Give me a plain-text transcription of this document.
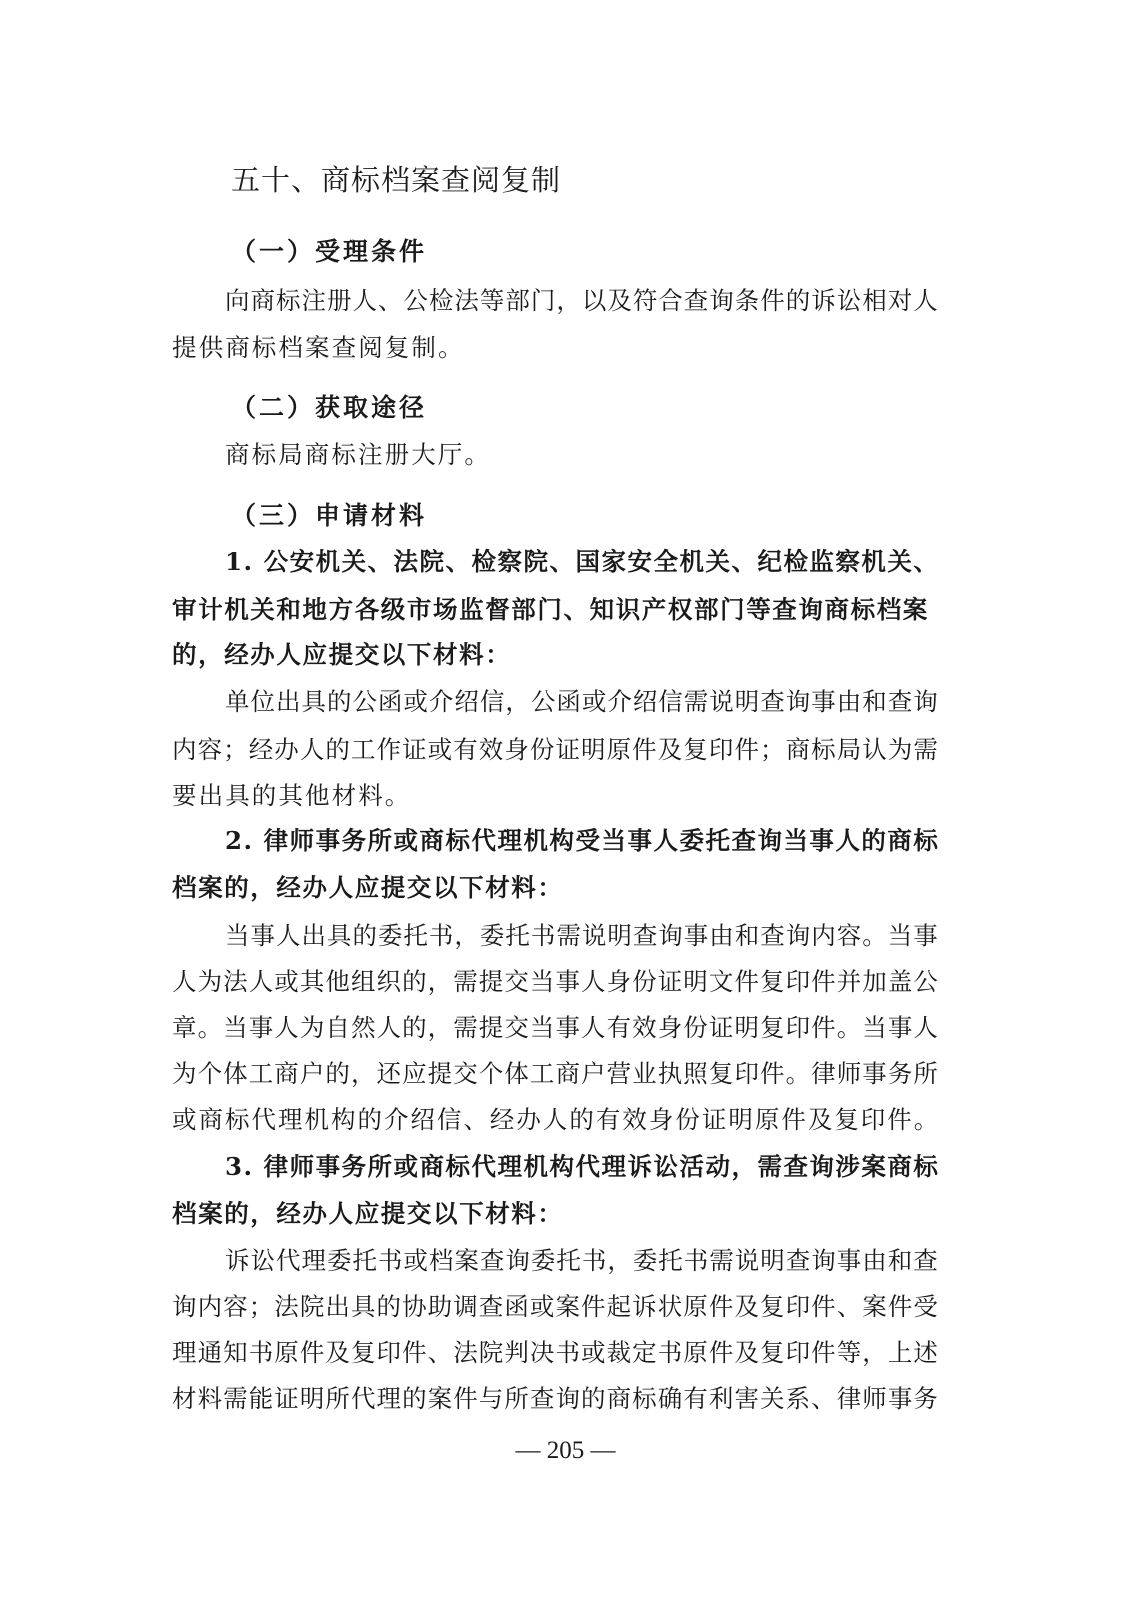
五十、商标档案查阅复制
（一）受理条件
向商标注册人、公检法等部门，以及符合查询条件的诉讼相对人
提供商标档案查阅复制。
（二）获取途径
商标局商标注册大厅。
（三）申请材料
1. 公安机关、法院、检察院、国家安全机关、纪检监察机关、
审计机关和地方各级市场监督部门、知识产权部门等查询商标档案
的，经办人应提交以下材料：
单位出具的公函或介绍信，公函或介绍信需说明查询事由和查询
内容；经办人的工作证或有效身份证明原件及复印件；商标局认为需
要出具的其他材料。
2. 律师事务所或商标代理机构受当事人委托查询当事人的商标
档案的，经办人应提交以下材料：
当事人出具的委托书，委托书需说明查询事由和查询内容。当事
人为法人或其他组织的，需提交当事人身份证明文件复印件并加盖公
章。当事人为自然人的，需提交当事人有效身份证明复印件。当事人
为个体工商户的，还应提交个体工商户营业执照复印件。律师事务所
或商标代理机构的介绍信、经办人的有效身份证明原件及复印件。
3. 律师事务所或商标代理机构代理诉讼活动，需查询涉案商标
档案的，经办人应提交以下材料：
诉讼代理委托书或档案查询委托书，委托书需说明查询事由和查
询内容；法院出具的协助调查函或案件起诉状原件及复印件、案件受
理通知书原件及复印件、法院判决书或裁定书原件及复印件等，上述
材料需能证明所代理的案件与所查询的商标确有利害关系、律师事务
— 205 —
